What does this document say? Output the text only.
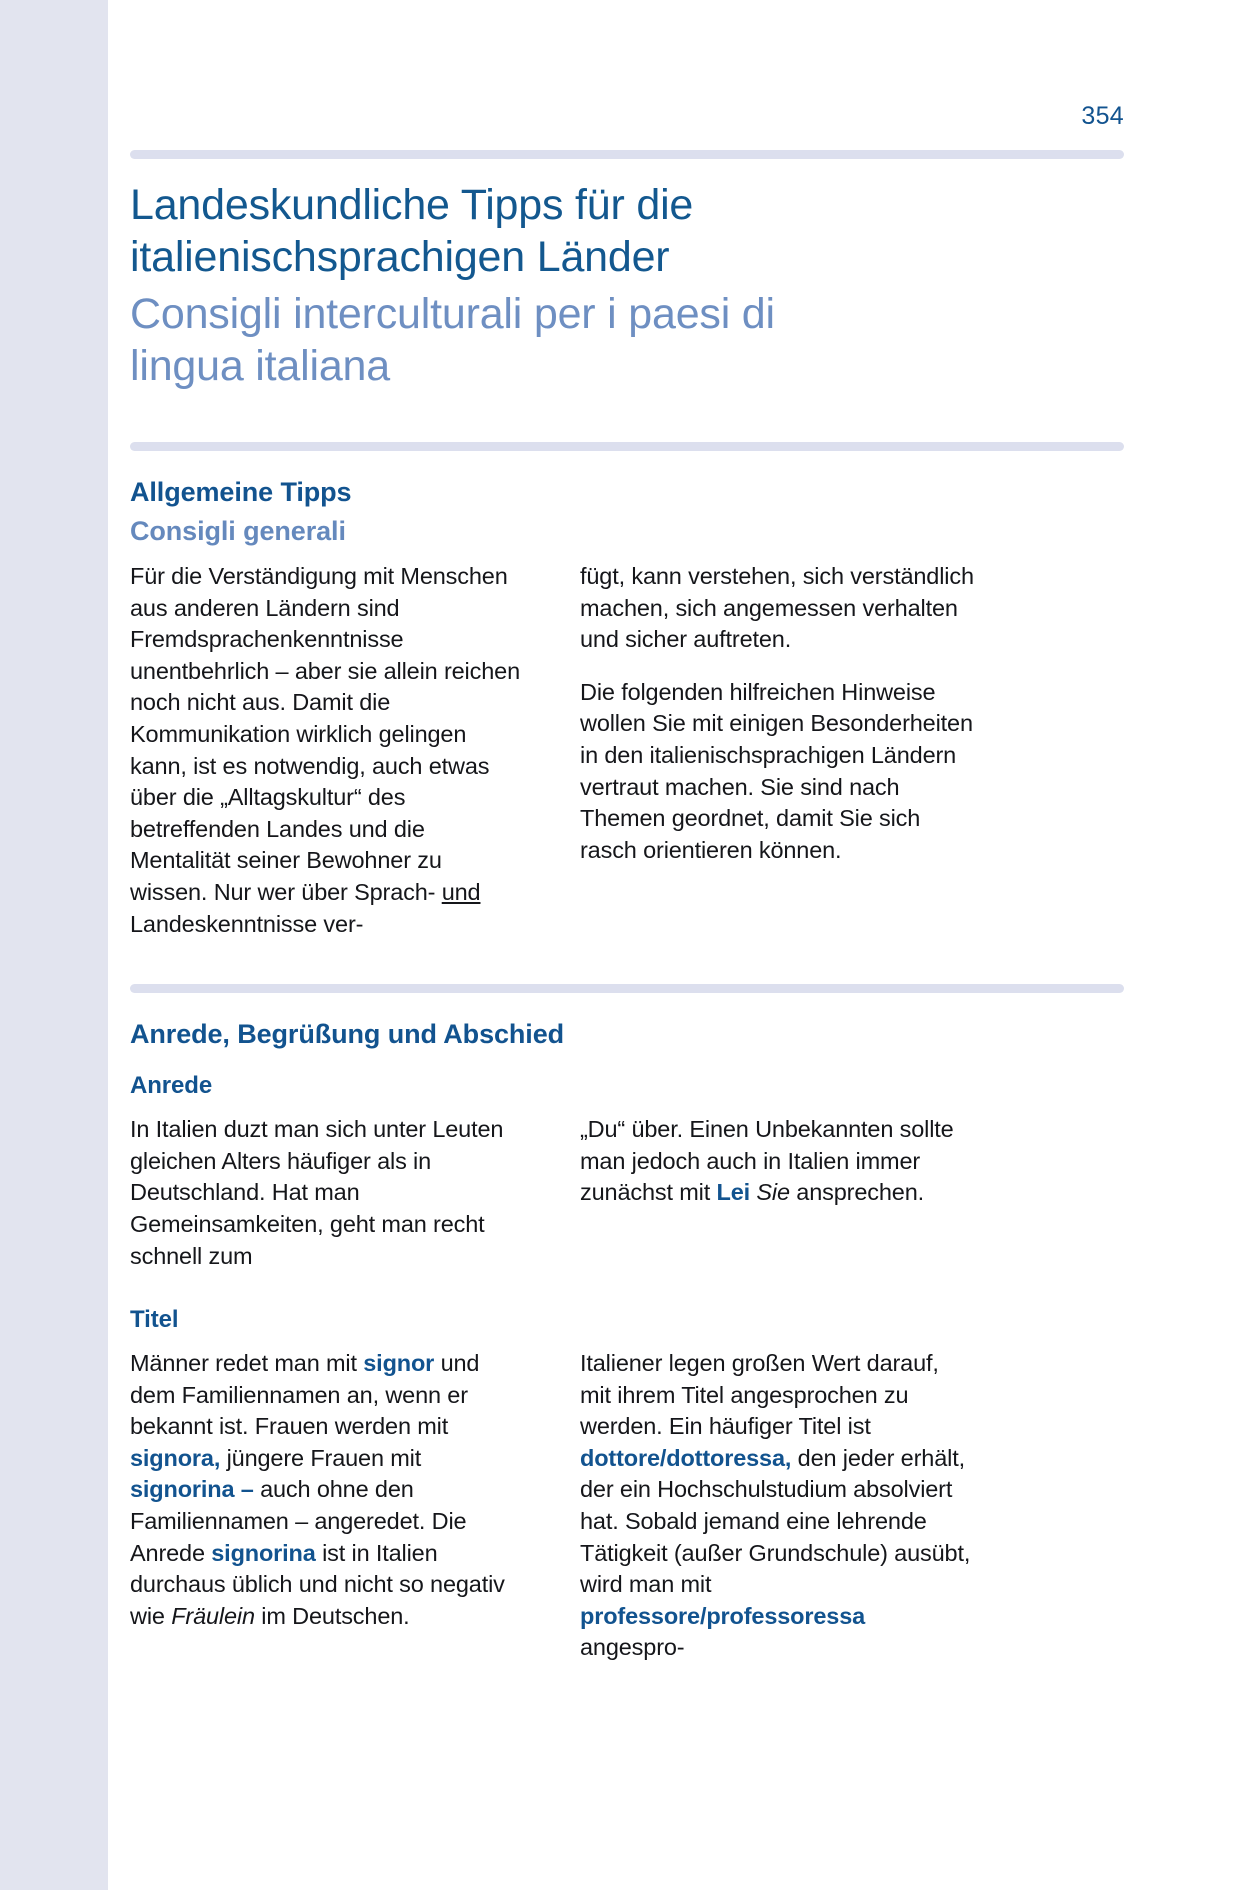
354
Landeskundliche Tipps für die italienischsprachigen Länder
Consigli interculturali per i paesi di lingua italiana
Allgemeine Tipps
Consigli generali

Für die Verständigung mit Menschen aus anderen Ländern sind Fremdsprachenkenntnisse unentbehrlich – aber sie allein reichen noch nicht aus. Damit die Kommunikation wirklich gelingen kann, ist es notwendig, auch etwas über die „Alltagskultur“ des betreffenden Landes und die Mentalität seiner Bewohner zu wissen. Nur wer über Sprach- und Landeskenntnisse ver-

fügt, kann verstehen, sich verständlich machen, sich angemessen verhalten und sicher auftreten.

Die folgenden hilfreichen Hinweise wollen Sie mit einigen Besonderheiten in den italienischsprachigen Ländern vertraut machen. Sie sind nach Themen geordnet, damit Sie sich rasch orientieren können.

Anrede, Begrüßung und Abschied
Anrede

In Italien duzt man sich unter Leuten gleichen Alters häufiger als in Deutschland. Hat man Gemeinsamkeiten, geht man recht schnell zum

„Du“ über. Einen Unbekannten sollte man jedoch auch in Italien immer zunächst mit Lei Sie ansprechen.

Titel

Männer redet man mit signor und dem Familiennamen an, wenn er bekannt ist. Frauen werden mit signora, jüngere Frauen mit signorina – auch ohne den Familiennamen – angeredet. Die Anrede signorina ist in Italien durchaus üblich und nicht so negativ wie Fräulein im Deutschen.

Italiener legen großen Wert darauf, mit ihrem Titel angesprochen zu werden. Ein häufiger Titel ist dottore/dottoressa, den jeder erhält, der ein Hochschulstudium absolviert hat. Sobald jemand eine lehrende Tätigkeit (außer Grundschule) ausübt, wird man mit professore/professoressa angespro-
